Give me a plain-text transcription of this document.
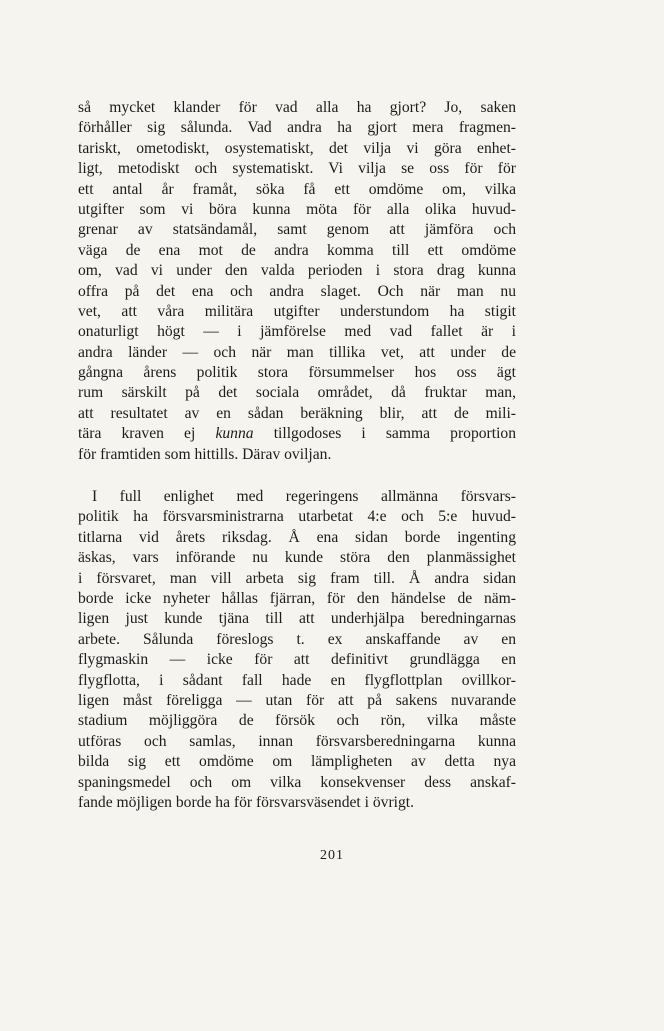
så mycket klander för vad alla ha gjort? Jo, saken
förhåller sig sålunda. Vad andra ha gjort mera fragmen-
tariskt, ometodiskt, osystematiskt, det vilja vi göra enhet-
ligt, metodiskt och systematiskt. Vi vilja se oss för för
ett antal år framåt, söka få ett omdöme om, vilka
utgifter som vi böra kunna möta för alla olika huvud-
grenar av statsändamål, samt genom att jämföra och
väga de ena mot de andra komma till ett omdöme
om, vad vi under den valda perioden i stora drag kunna
offra på det ena och andra slaget. Och när man nu
vet, att våra militära utgifter understundom ha stigit
onaturligt högt — i jämförelse med vad fallet är i
andra länder — och när man tillika vet, att under de
gångna årens politik stora försummelser hos oss ägt
rum särskilt på det sociala området, då fruktar man,
att resultatet av en sådan beräkning blir, att de mili-
tära kraven ej kunna tillgodoses i samma proportion
för framtiden som hittills. Därav oviljan.
I full enlighet med regeringens allmänna försvars-
politik ha försvarsministrarna utarbetat 4:e och 5:e huvud-
titlarna vid årets riksdag. Å ena sidan borde ingenting
äskas, vars införande nu kunde störa den planmässighet
i försvaret, man vill arbeta sig fram till. Å andra sidan
borde icke nyheter hållas fjärran, för den händelse de näm-
ligen just kunde tjäna till att underhjälpa beredningarnas
arbete. Sålunda föreslogs t. ex anskaffande av en
flygmaskin — icke för att definitivt grundlägga en
flygflotta, i sådant fall hade en flygflottplan ovillkor-
ligen måst föreligga — utan för att på sakens nuvarande
stadium möjliggöra de försök och rön, vilka måste
utföras och samlas, innan försvarsberedningarna kunna
bilda sig ett omdöme om lämpligheten av detta nya
spaningsmedel och om vilka konsekvenser dess anskaf-
fande möjligen borde ha för försvarsväsendet i övrigt.
201
